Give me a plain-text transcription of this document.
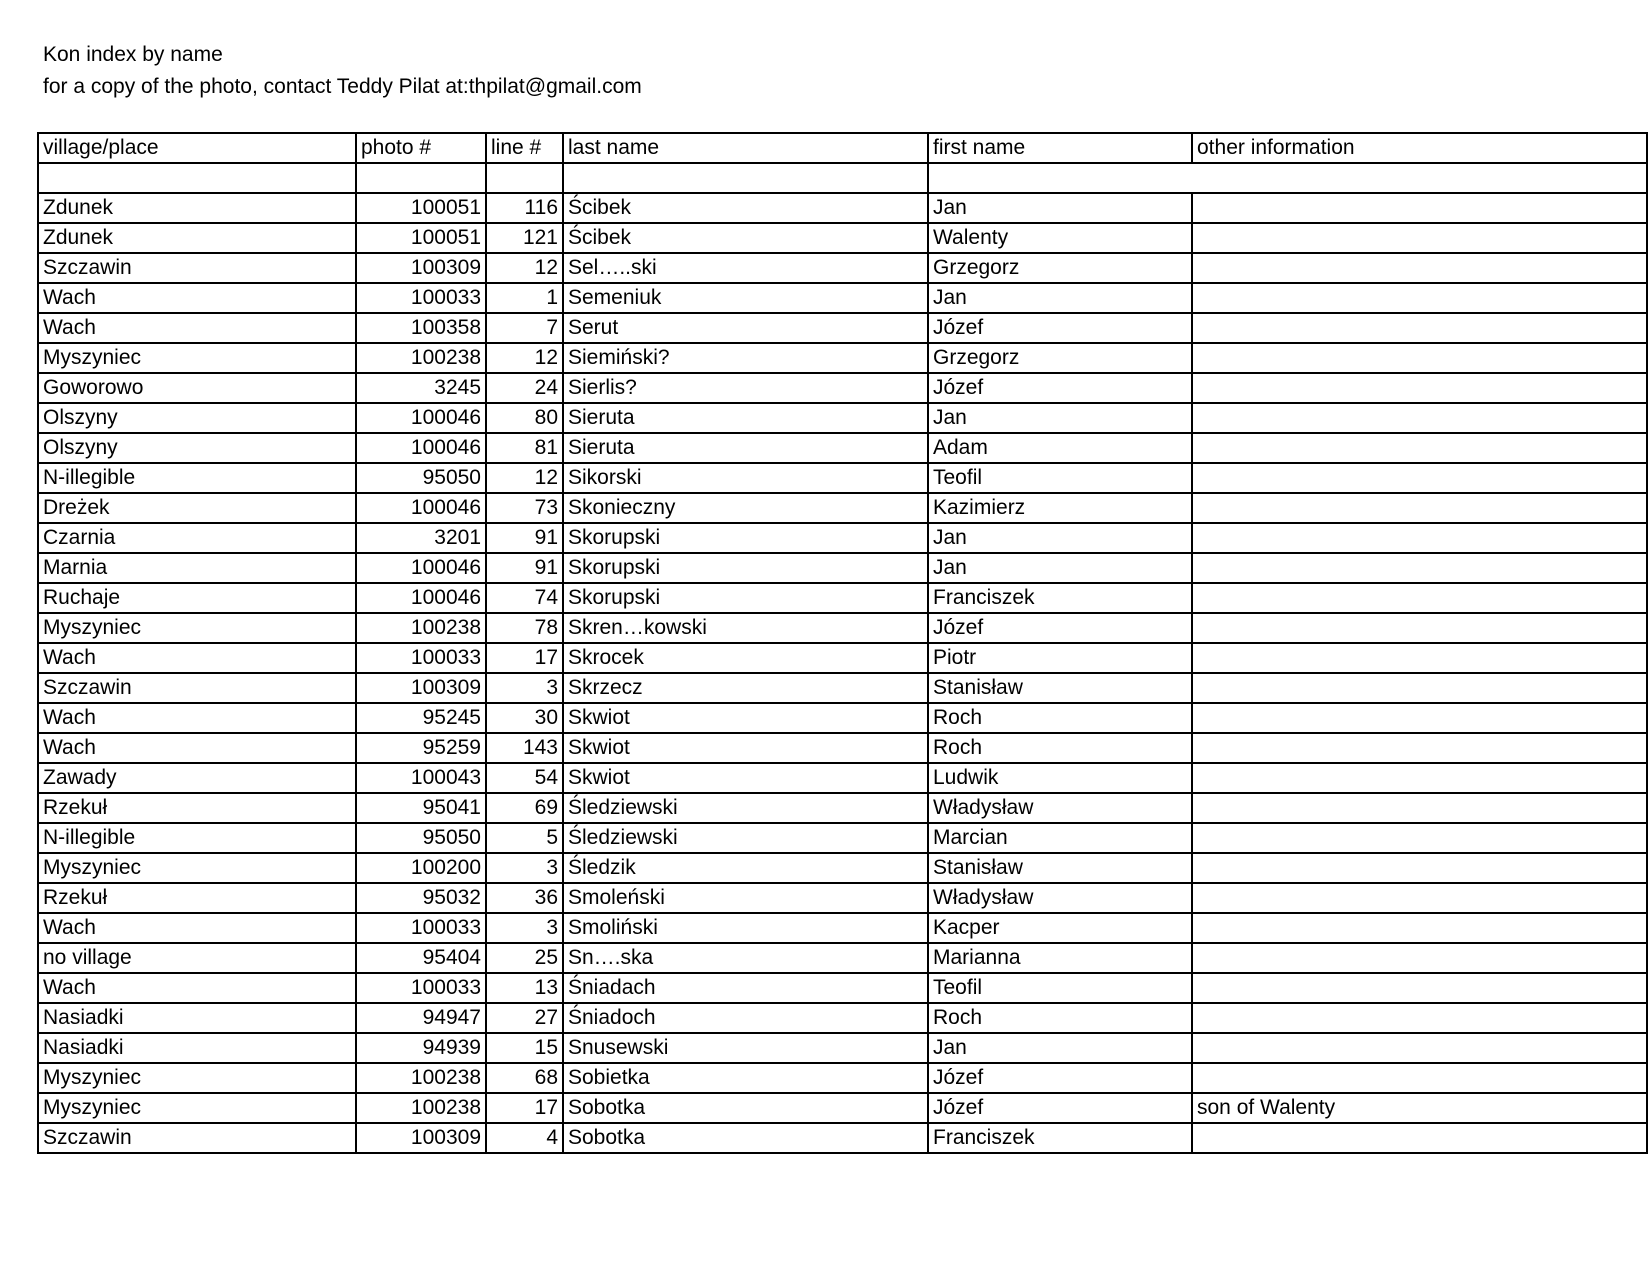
Kon index by name
for a copy of the photo, contact Teddy Pilat at:thpilat@gmail.com
village/place	photo #	line #	last name	first name	other information

Zdunek	100051	116	Ścibek	Jan	
Zdunek	100051	121	Ścibek	Walenty	
Szczawin	100309	12	Sel…..ski	Grzegorz	
Wach	100033	1	Semeniuk	Jan	
Wach	100358	7	Serut	Józef	
Myszyniec	100238	12	Siemiński?	Grzegorz	
Goworowo	3245	24	Sierlis?	Józef	
Olszyny	100046	80	Sieruta	Jan	
Olszyny	100046	81	Sieruta	Adam	
N-illegible	95050	12	Sikorski	Teofil	
Dreżek	100046	73	Skonieczny	Kazimierz	
Czarnia	3201	91	Skorupski	Jan	
Marnia	100046	91	Skorupski	Jan	
Ruchaje	100046	74	Skorupski	Franciszek	
Myszyniec	100238	78	Skren…kowski	Józef	
Wach	100033	17	Skrocek	Piotr	
Szczawin	100309	3	Skrzecz	Stanisław	
Wach	95245	30	Skwiot	Roch	
Wach	95259	143	Skwiot	Roch	
Zawady	100043	54	Skwiot	Ludwik	
Rzekuł	95041	69	Śledziewski	Władysław	
N-illegible	95050	5	Śledziewski	Marcian	
Myszyniec	100200	3	Śledzik	Stanisław	
Rzekuł	95032	36	Smoleński	Władysław	
Wach	100033	3	Smoliński	Kacper	
no village	95404	25	Sn….ska	Marianna	
Wach	100033	13	Śniadach	Teofil	
Nasiadki	94947	27	Śniadoch	Roch	
Nasiadki	94939	15	Snusewski	Jan	
Myszyniec	100238	68	Sobietka	Józef	
Myszyniec	100238	17	Sobotka	Józef	son of Walenty
Szczawin	100309	4	Sobotka	Franciszek	
